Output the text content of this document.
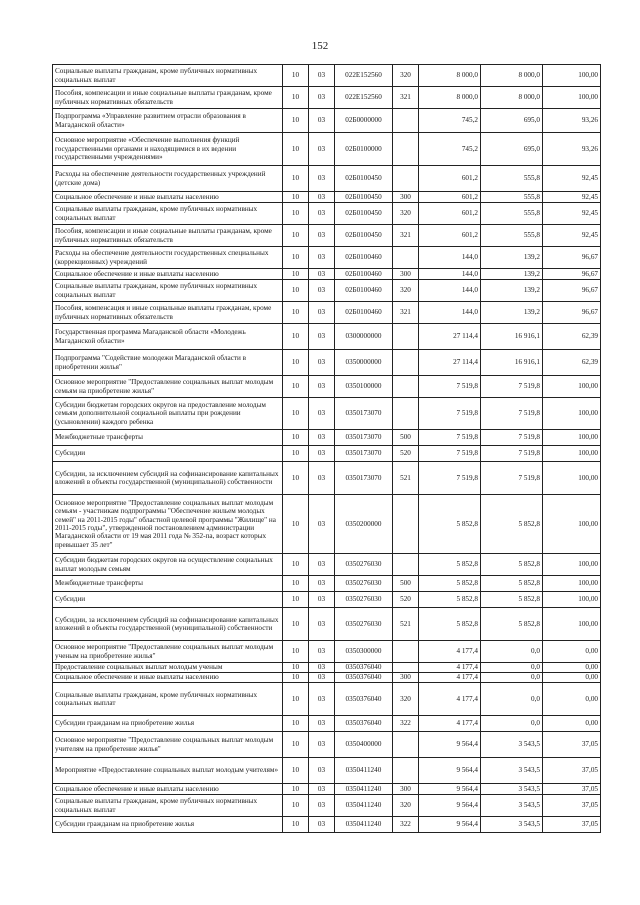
152
Социальные выплаты гражданам, кроме публичных нормативных социальных выплат	10	03	022Е152560	320	8 000,0	8 000,0	100,00
Пособия, компенсации и иные социальные выплаты гражданам, кроме публичных нормативных обязательств	10	03	022Е152560	321	8 000,0	8 000,0	100,00
Подпрограмма «Управление развитием отрасли образования в Магаданской области»	10	03	02Б0000000		745,2	695,0	93,26
Основное мероприятие «Обеспечение выполнения функций государственными органами и находящимися в их ведении государственными учреждениями»	10	03	02Б0100000		745,2	695,0	93,26
Расходы на обеспечение деятельности государственных учреждений (детские дома)	10	03	02Б0100450		601,2	555,8	92,45
Социальное обеспечение и иные выплаты населению	10	03	02Б0100450	300	601,2	555,8	92,45
Социальные выплаты гражданам, кроме публичных нормативных социальных выплат	10	03	02Б0100450	320	601,2	555,8	92,45
Пособия, компенсации и иные социальные выплаты гражданам, кроме публичных нормативных обязательств	10	03	02Б0100450	321	601,2	555,8	92,45
Расходы на обеспечение деятельности государственных специальных (коррекционных) учреждений	10	03	02Б0100460		144,0	139,2	96,67
Социальное обеспечение и иные выплаты населению	10	03	02Б0100460	300	144,0	139,2	96,67
Социальные выплаты гражданам, кроме публичных нормативных социальных выплат	10	03	02Б0100460	320	144,0	139,2	96,67
Пособия, компенсация и иные социальные выплаты гражданам, кроме публичных нормативных обязательств	10	03	02Б0100460	321	144,0	139,2	96,67
Государственная программа Магаданской области «Молодежь Магаданской области»	10	03	0300000000		27 114,4	16 916,1	62,39
Подпрограмма "Содействие молодежи Магаданской области в приобретении жилья"	10	03	0350000000		27 114,4	16 916,1	62,39
Основное мероприятие "Предоставление социальных выплат молодым семьям на приобретение жилья"	10	03	0350100000		7 519,8	7 519,8	100,00
Субсидии бюджетам городских округов на предоставление молодым семьям дополнительной социальной выплаты при рождении (усыновлении) каждого ребенка	10	03	0350173070		7 519,8	7 519,8	100,00
Межбюджетные трансферты	10	03	0350173070	500	7 519,8	7 519,8	100,00
Субсидии	10	03	0350173070	520	7 519,8	7 519,8	100,00
Субсидии, за исключением субсидий на софинансирование капитальных вложений в объекты государственной (муниципальной) собственности	10	03	0350173070	521	7 519,8	7 519,8	100,00
Основное мероприятие "Предоставление социальных выплат молодым семьям - участникам подпрограммы "Обеспечение жильем молодых семей" на 2011-2015 годы" областной целевой программы "Жилище" на 2011-2015 годы", утвержденной постановлением администрации Магаданской области от 19 мая 2011 года № 352-па, возраст которых превышает 35 лет"	10	03	0350200000		5 852,8	5 852,8	100,00
Субсидии бюджетам городских округов на осуществление социальных выплат молодым семьям	10	03	0350276030		5 852,8	5 852,8	100,00
Межбюджетные трансферты	10	03	0350276030	500	5 852,8	5 852,8	100,00
Субсидии	10	03	0350276030	520	5 852,8	5 852,8	100,00
Субсидии, за исключением субсидий на софинансирование капитальных вложений в объекты государственной (муниципальной) собственности	10	03	0350276030	521	5 852,8	5 852,8	100,00
Основное мероприятие "Предоставление социальных выплат молодым ученым на приобретение жилья"	10	03	0350300000		4 177,4	0,0	0,00
Предоставление социальных выплат молодым ученым	10	03	0350376040		4 177,4	0,0	0,00
Социальное обеспечение и иные выплаты населению	10	03	0350376040	300	4 177,4	0,0	0,00
Социальные выплаты гражданам, кроме публичных нормативных социальных выплат	10	03	0350376040	320	4 177,4	0,0	0,00
Субсидии гражданам на приобретение жилья	10	03	0350376040	322	4 177,4	0,0	0,00
Основное мероприятие "Предоставление социальных выплат молодым учителям на приобретение жилья"	10	03	0350400000		9 564,4	3 543,5	37,05
Мероприятие «Предоставление социальных выплат молодым учителям»	10	03	0350411240		9 564,4	3 543,5	37,05
Социальное обеспечение и иные выплаты населению	10	03	0350411240	300	9 564,4	3 543,5	37,05
Социальные выплаты гражданам, кроме публичных нормативных социальных выплат	10	03	0350411240	320	9 564,4	3 543,5	37,05
Субсидии гражданам на приобретение жилья	10	03	0350411240	322	9 564,4	3 543,5	37,05
